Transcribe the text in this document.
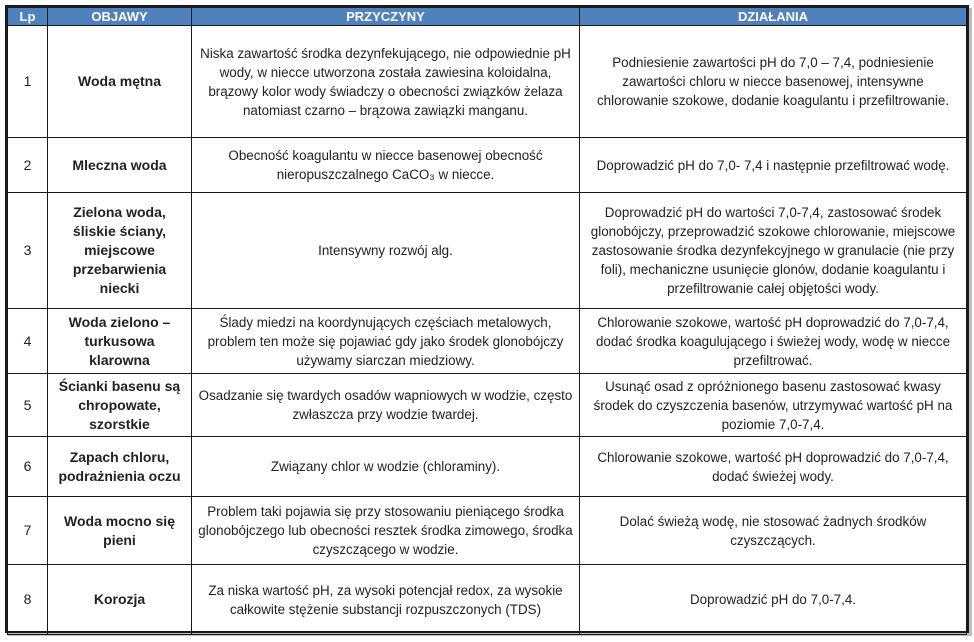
Lp	OBJAWY	PRZYCZYNY	DZIAŁANIA
1	Woda mętna	Niska zawartość środka dezynfekującego, nie odpowiednie pH wody, w niecce utworzona została zawiesina koloidalna, brązowy kolor wody świadczy o obecności związków żelaza natomiast czarno – brązowa zawiązki manganu.	Podniesienie zawartości pH do 7,0 – 7,4, podniesienie zawartości chloru w niecce basenowej, intensywne chlorowanie szokowe, dodanie koagulantu i przefiltrowanie.
2	Mleczna woda	Obecność koagulantu w niecce basenowej obecność nieropuszczalnego CaCO₃ w niecce.	Doprowadzić pH do 7,0- 7,4 i następnie przefiltrować wodę.
3	Zielona woda, śliskie ściany, miejscowe przebarwienia niecki	Intensywny rozwój alg.	Doprowadzić pH do wartości 7,0-7,4, zastosować środek glonobójczy, przeprowadzić szokowe chlorowanie, miejscowe zastosowanie środka dezynfekcyjnego w granulacie (nie przy foli), mechaniczne usunięcie glonów, dodanie koagulantu i przefiltrowanie całej objętości wody.
4	Woda zielono – turkusowa klarowna	Ślady miedzi na koordynujących częściach metalowych, problem ten może się pojawiać gdy jako środek glonobójczy używamy siarczan miedziowy.	Chlorowanie szokowe, wartość pH doprowadzić do 7,0-7,4, dodać środka koagulującego i świeżej wody, wodę w niecce przefiltrować.
5	Ścianki basenu są chropowate, szorstkie	Osadzanie się twardych osadów wapniowych w wodzie, często zwłaszcza przy wodzie twardej.	Usunąć osad z opróżnionego basenu zastosować kwasy środek do czyszczenia basenów, utrzymywać wartość pH na poziomie 7,0-7,4.
6	Zapach chloru, podrażnienia oczu	Związany chlor w wodzie (chloraminy).	Chlorowanie szokowe, wartość pH doprowadzić do 7,0-7,4, dodać świeżej wody.
7	Woda mocno się pieni	Problem taki pojawia się przy stosowaniu pieniącego środka glonobójczego lub obecności resztek środka zimowego, środka czyszczącego w wodzie.	Dolać świeżą wodę, nie stosować żadnych środków czyszczących.
8	Korozja	Za niska wartość pH, za wysoki potencjał redox, za wysokie całkowite stężenie substancji rozpuszczonych (TDS)	Doprowadzić pH do 7,0-7,4.
